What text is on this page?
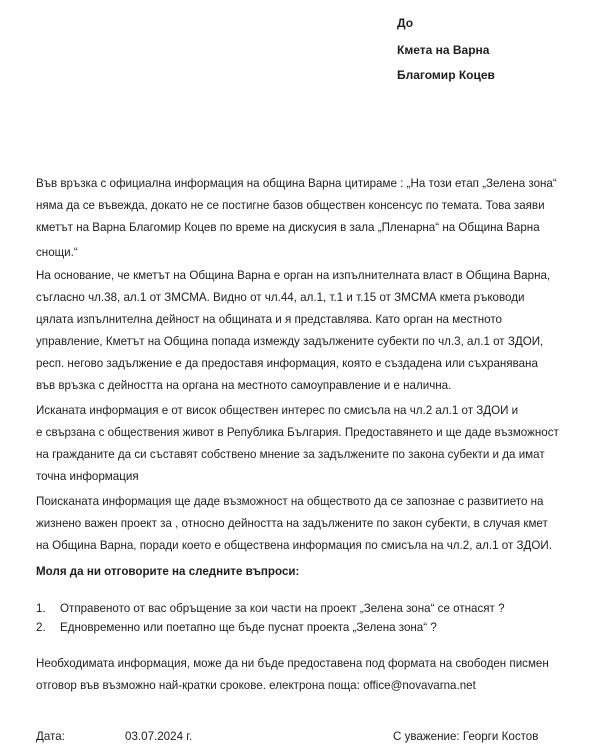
До
Кмета на Варна
Благомир Коцев
Във връзка с официална информация на община Варна цитираме : „На този етап „Зелена зона“
няма да се въвежда, докато не се постигне базов обществен консенсус по темата. Това заяви
кметът на Варна Благомир Коцев по време на дискусия в зала „Пленарна“ на Община Варна
снощи.“
На основание, че кметът на Община Варна е орган на изпълнителната власт в Община Варна,
съгласно чл.38, ал.1 от ЗМСМА. Видно от чл.44, ал.1, т.1 и т.15 от ЗМСМА кмета ръководи
цялата изпълнителна дейност на общината и я представлява. Като орган на местното
управление, Кметът на Община попада измежду задължените субекти по чл.3, ал.1 от ЗДОИ,
респ. негово задължение е да предоставя информация, която е създадена или съхранявана
във връзка с дейността на органа на местното самоуправление и е налична.
Исканата информация е от висок обществен интерес по смисъла на чл.2 ал.1 от ЗДОИ и
е свързана с обществения живот в Република България. Предоставянето и ще даде възможност
на гражданите да си съставят собствено мнение за задължените по закона субекти и да имат
точна информация
Поисканата информация ще даде възможност на обществото да се запознае с развитието на
жизнено важен проект за , относно дейността на задължените по закон субекти, в случая кмет
на Община Варна, поради което е обществена информация по смисъла на чл.2, ал.1 от ЗДОИ.
Моля да ни отговорите на следните въпроси:
1. Отправеното от вас обръщение за кои части на проект „Зелена зона“ се отнасят ?
2. Едновременно или поетапно ще бъде пуснат проекта „Зелена зона“ ?
Необходимата информация, може да ни бъде предоставена под формата на свободен писмен
отговор във възможно най-кратки срокове. електрона поща: office@novavarna.net
Дата:	03.07.2024 г.	С уважение: Георги Костов
